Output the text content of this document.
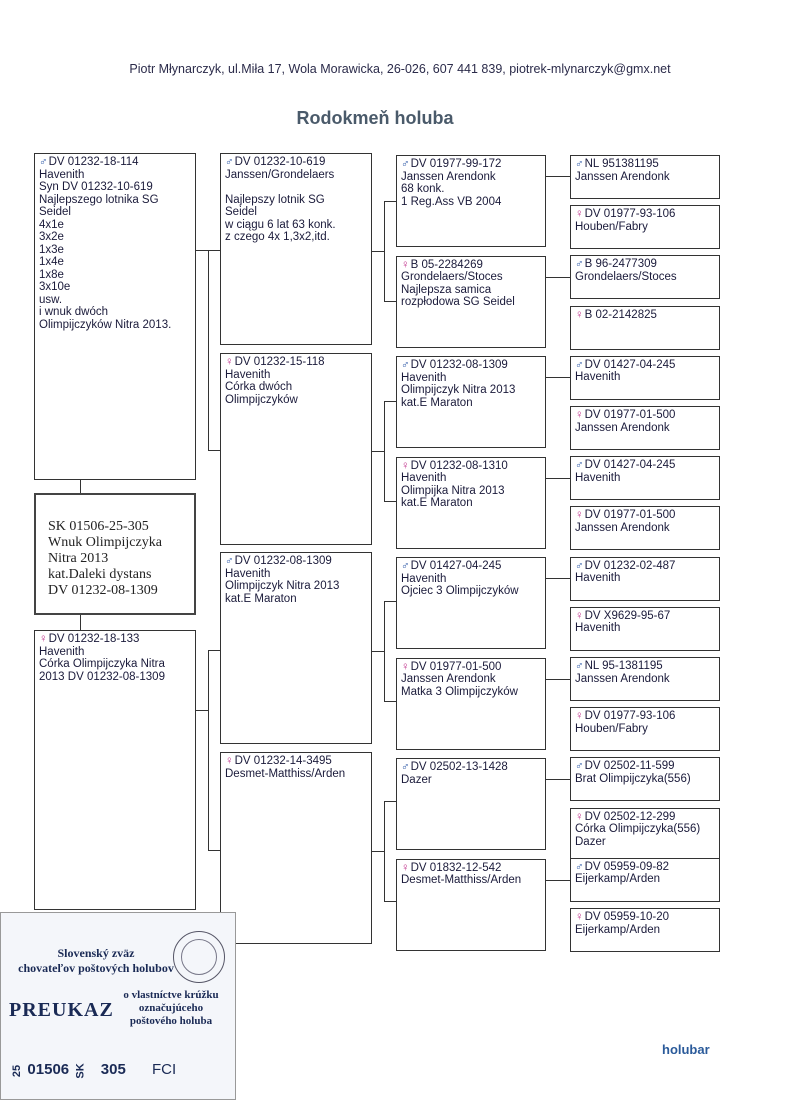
Piotr Młynarczyk, ul.Miła 17, Wola Morawicka, 26-026, 607 441 839, piotrek-mlynarczyk@gmx.net
Rodokmeň holuba
♂DV 01232-18-114
Havenith
Syn DV 01232-10-619
Najlepszego lotnika SG
Seidel
4x1e
3x2e
1x3e
1x4e
1x8e
3x10e
usw.
i wnuk dwóch
Olimpijczyków Nitra 2013.
♀DV 01232-18-133
Havenith
Córka Olimpijczyka Nitra
2013 DV 01232-08-1309
♂DV 01232-10-619
Janssen/Grondelaers

Najlepszy lotnik SG
Seidel
w ciągu 6 lat 63 konk.
z czego 4x 1,3x2,itd.
♀DV 01232-15-118
Havenith
Córka dwóch
Olimpijczyków
♂DV 01232-08-1309
Havenith
Olimpijczyk Nitra 2013
kat.E Maraton
♀DV 01232-14-3495
Desmet-Matthiss/Arden
♂DV 01977-99-172
Janssen Arendonk
68 konk.
1 Reg.Ass VB 2004
♀B 05-2284269
Grondelaers/Stoces
Najlepsza samica
rozpłodowa SG Seidel
♂DV 01232-08-1309
Havenith
Olimpijczyk Nitra 2013
kat.E Maraton
♀DV 01232-08-1310
Havenith
Olimpijka Nitra 2013
kat.E Maraton
♂DV 01427-04-245
Havenith
Ojciec 3 Olimpijczyków
♀DV 01977-01-500
Janssen Arendonk
Matka 3 Olimpijczyków
♂DV 02502-13-1428
Dazer
♀DV 01832-12-542
Desmet-Matthiss/Arden
♂NL 951381195
Janssen Arendonk
♀DV 01977-93-106
Houben/Fabry
♂B 96-2477309
Grondelaers/Stoces
♀B 02-2142825
♂DV 01427-04-245
Havenith
♀DV 01977-01-500
Janssen Arendonk
♂DV 01427-04-245
Havenith
♀DV 01977-01-500
Janssen Arendonk
♂DV 01232-02-487
Havenith
♀DV X9629-95-67
Havenith
♂NL 95-1381195
Janssen Arendonk
♀DV 01977-93-106
Houben/Fabry
♂DV 02502-11-599
Brat Olimpijczyka(556)
♀DV 02502-12-299
Córka Olimpijczyka(556)
Dazer
♂DV 05959-09-82
Eijerkamp/Arden
♀DV 05959-10-20
Eijerkamp/Arden
SK 01506-25-305
Wnuk Olimpijczyka
Nitra 2013
kat.Daleki dystans
DV 01232-08-1309
Slovenský zväz
chovateľov poštových holubov
PREUKAZ
o vlastníctve krúžku
označujúceho
poštového holuba
25 01506 SK 305 FCI
holubar
